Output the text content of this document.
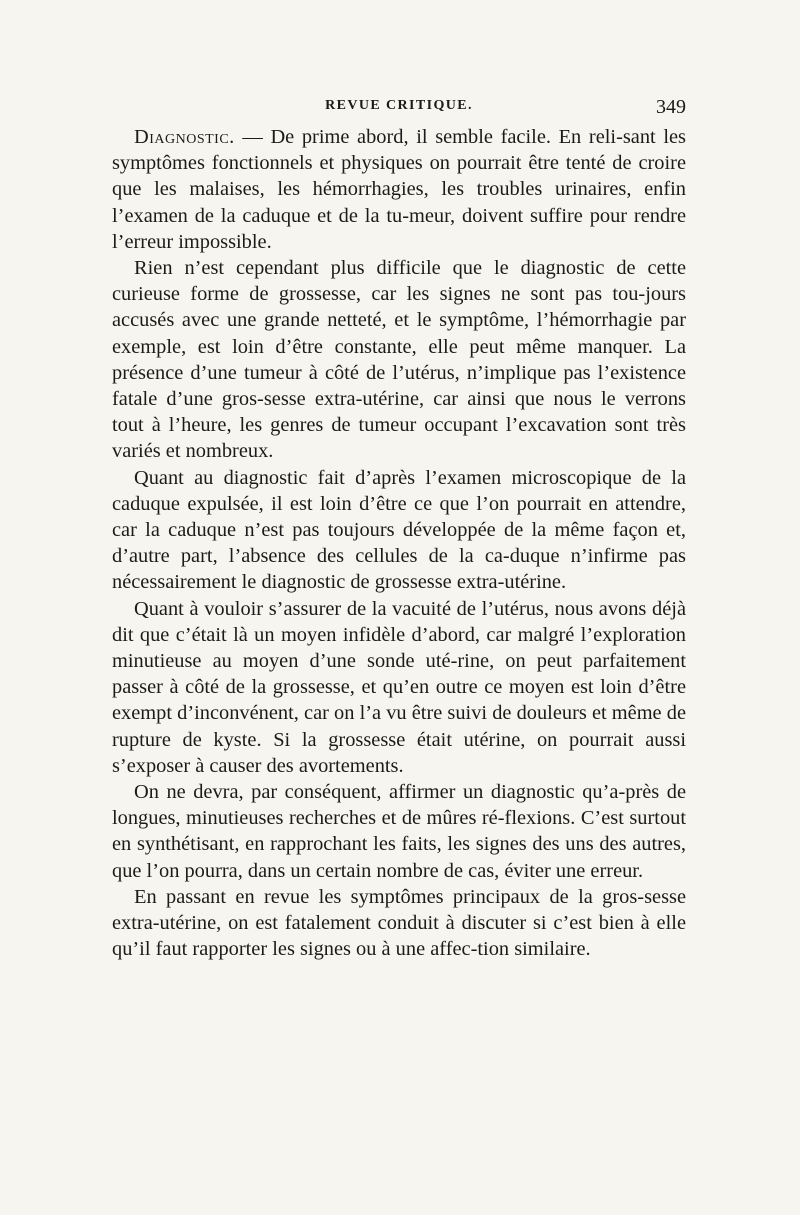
REVUE CRITIQUE.	349

Diagnostic. — De prime abord, il semble facile. En reli-sant les symptômes fonctionnels et physiques on pourrait être tenté de croire que les malaises, les hémorrhagies, les troubles urinaires, enfin l’examen de la caduque et de la tu-meur, doivent suffire pour rendre l’erreur impossible.

Rien n’est cependant plus difficile que le diagnostic de cette curieuse forme de grossesse, car les signes ne sont pas tou-jours accusés avec une grande netteté, et le symptôme, l’hémorrhagie par exemple, est loin d’être constante, elle peut même manquer. La présence d’une tumeur à côté de l’utérus, n’implique pas l’existence fatale d’une gros-sesse extra-utérine, car ainsi que nous le verrons tout à l’heure, les genres de tumeur occupant l’excavation sont très variés et nombreux.

Quant au diagnostic fait d’après l’examen microscopique de la caduque expulsée, il est loin d’être ce que l’on pourrait en attendre, car la caduque n’est pas toujours développée de la même façon et, d’autre part, l’absence des cellules de la ca-duque n’infirme pas nécessairement le diagnostic de grossesse extra-utérine.

Quant à vouloir s’assurer de la vacuité de l’utérus, nous avons déjà dit que c’était là un moyen infidèle d’abord, car malgré l’exploration minutieuse au moyen d’une sonde uté-rine, on peut parfaitement passer à côté de la grossesse, et qu’en outre ce moyen est loin d’être exempt d’inconvénent, car on l’a vu être suivi de douleurs et même de rupture de kyste. Si la grossesse était utérine, on pourrait aussi s’exposer à causer des avortements.

On ne devra, par conséquent, affirmer un diagnostic qu’a-près de longues, minutieuses recherches et de mûres ré-flexions. C’est surtout en synthétisant, en rapprochant les faits, les signes des uns des autres, que l’on pourra, dans un certain nombre de cas, éviter une erreur.

En passant en revue les symptômes principaux de la gros-sesse extra-utérine, on est fatalement conduit à discuter si c’est bien à elle qu’il faut rapporter les signes ou à une affec-tion similaire.
